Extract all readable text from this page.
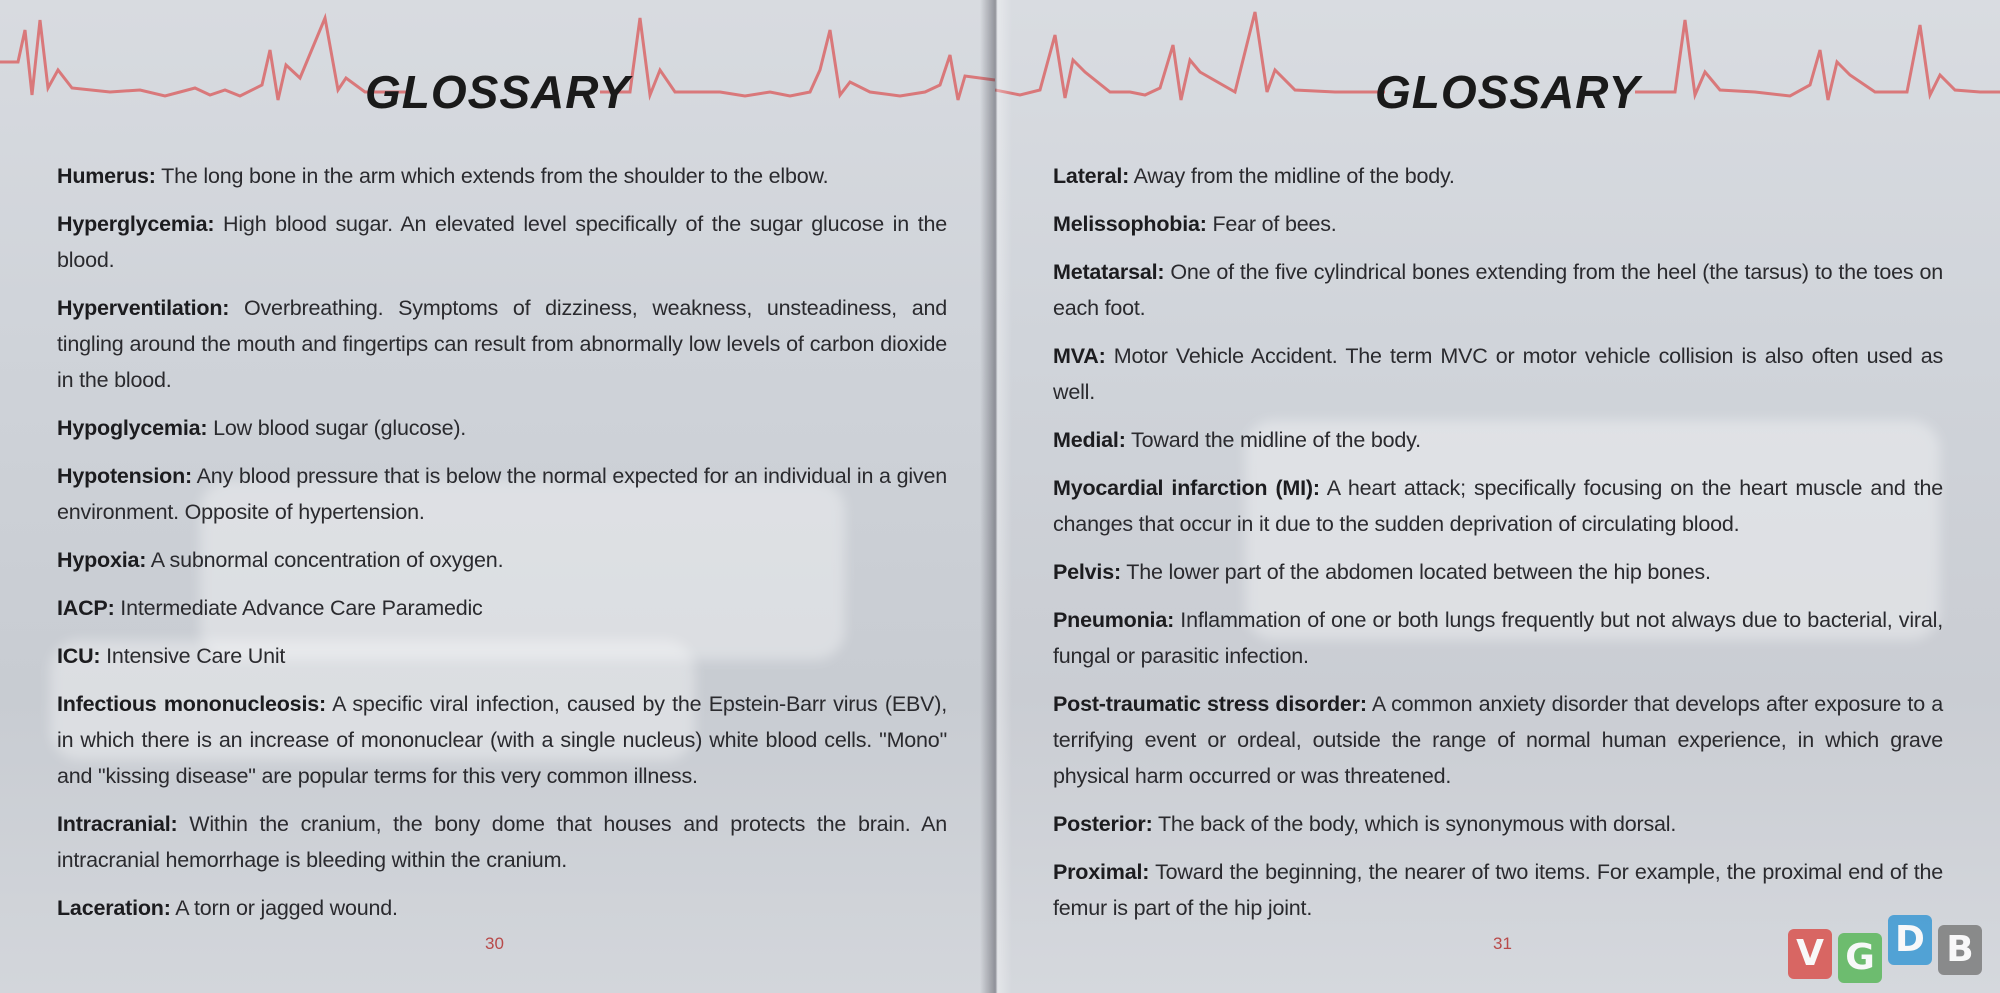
GLOSSARY

Humerus: The long bone in the arm which extends from the shoulder to the elbow.

Hyperglycemia: High blood sugar. An elevated level specifically of the sugar glucose in the blood.

Hyperventilation: Overbreathing. Symptoms of dizziness, weakness, unsteadiness, and tingling around the mouth and fingertips can result from abnormally low levels of carbon dioxide in the blood.

Hypoglycemia: Low blood sugar (glucose).

Hypotension: Any blood pressure that is below the normal expected for an individual in a given environment. Opposite of hypertension.

Hypoxia: A subnormal concentration of oxygen.

IACP: Intermediate Advance Care Paramedic

ICU: Intensive Care Unit

Infectious mononucleosis: A specific viral infection, caused by the Epstein-Barr virus (EBV), in which there is an increase of mononuclear (with a single nucleus) white blood cells. "Mono" and "kissing disease" are popular terms for this very common illness.

Intracranial: Within the cranium, the bony dome that houses and protects the brain. An intracranial hemorrhage is bleeding within the cranium.

Laceration: A torn or jagged wound.

30
GLOSSARY

Lateral: Away from the midline of the body.

Melissophobia: Fear of bees.

Metatarsal: One of the five cylindrical bones extending from the heel (the tarsus) to the toes on each foot.

MVA: Motor Vehicle Accident. The term MVC or motor vehicle collision is also often used as well.

Medial: Toward the midline of the body.

Myocardial infarction (MI): A heart attack; specifically focusing on the heart muscle and the changes that occur in it due to the sudden deprivation of circulating blood.

Pelvis: The lower part of the abdomen located between the hip bones.

Pneumonia: Inflammation of one or both lungs frequently but not always due to bacterial, viral, fungal or parasitic infection.

Post-traumatic stress disorder: A common anxiety disorder that develops after exposure to a terrifying event or ordeal, outside the range of normal human experience, in which grave physical harm occurred or was threatened.

Posterior: The back of the body, which is synonymous with dorsal.

Proximal: Toward the beginning, the nearer of two items. For example, the proximal end of the femur is part of the hip joint.

31	V G D B
